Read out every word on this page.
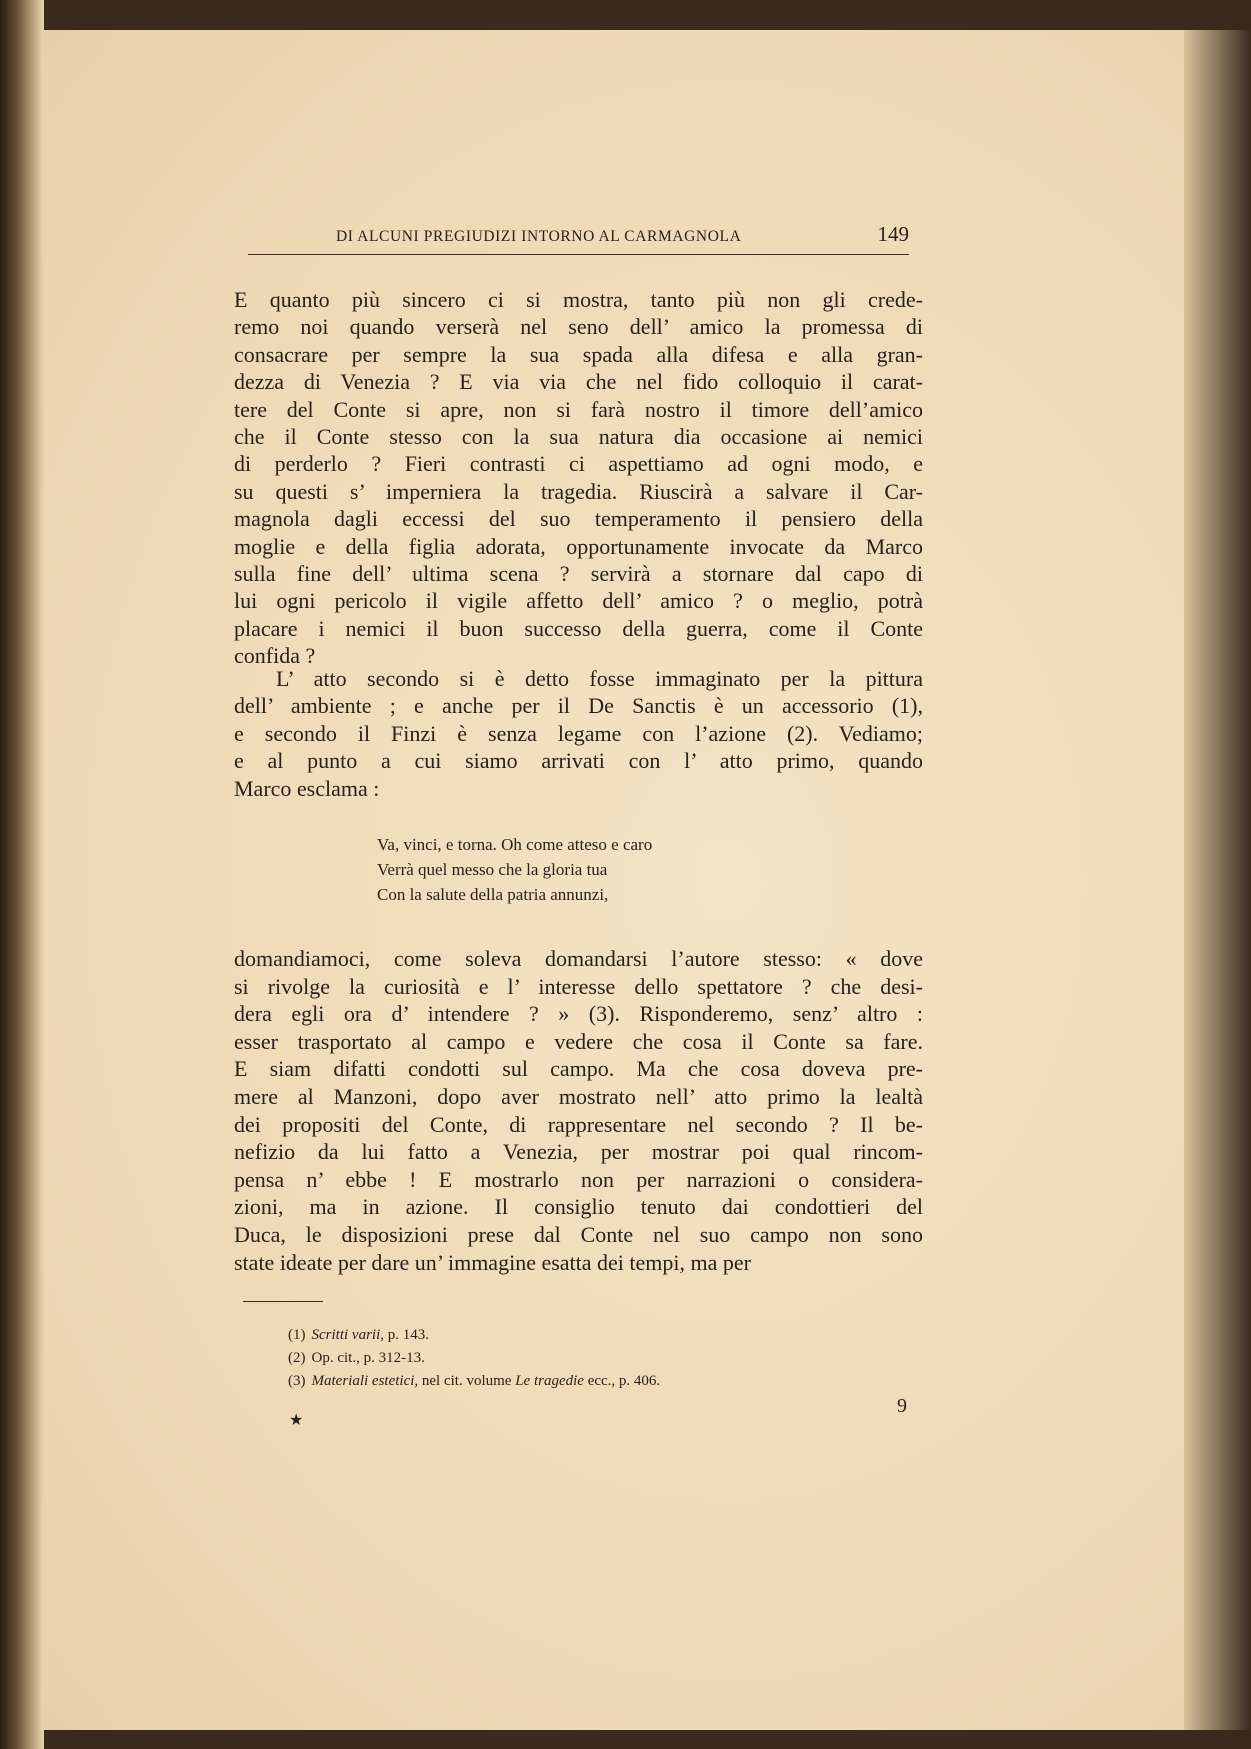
DI ALCUNI PREGIUDIZI INTORNO AL CARMAGNOLA	149
E quanto più sincero ci si mostra, tanto più non gli crede-
remo noi quando verserà nel seno dell’ amico la promessa di
consacrare per sempre la sua spada alla difesa e alla gran-
dezza di Venezia ? E via via che nel fido colloquio il carat-
tere del Conte si apre, non si farà nostro il timore dell’amico
che il Conte stesso con la sua natura dia occasione ai nemici
di perderlo ? Fieri contrasti ci aspettiamo ad ogni modo, e
su questi s’ imperniera la tragedia. Riuscirà a salvare il Car-
magnola dagli eccessi del suo temperamento il pensiero della
moglie e della figlia adorata, opportunamente invocate da Marco
sulla fine dell’ ultima scena ? servirà a stornare dal capo di
lui ogni pericolo il vigile affetto dell’ amico ? o meglio, potrà
placare i nemici il buon successo della guerra, come il Conte
confida ?
L’ atto secondo si è detto fosse immaginato per la pittura
dell’ ambiente ; e anche per il De Sanctis è un accessorio (1),
e secondo il Finzi è senza legame con l’azione (2). Vediamo;
e al punto a cui siamo arrivati con l’ atto primo, quando
Marco esclama :
Va, vinci, e torna. Oh come atteso e caro
Verrà quel messo che la gloria tua
Con la salute della patria annunzi,
domandiamoci, come soleva domandarsi l’autore stesso: « dove
si rivolge la curiosità e l’ interesse dello spettatore ? che desi-
dera egli ora d’ intendere ? » (3). Risponderemo, senz’ altro :
esser trasportato al campo e vedere che cosa il Conte sa fare.
E siam difatti condotti sul campo. Ma che cosa doveva pre-
mere al Manzoni, dopo aver mostrato nell’ atto primo la lealtà
dei propositi del Conte, di rappresentare nel secondo ? Il be-
nefizio da lui fatto a Venezia, per mostrar poi qual rincom-
pensa n’ ebbe ! E mostrarlo non per narrazioni o considera-
zioni, ma in azione. Il consiglio tenuto dai condottieri del
Duca, le disposizioni prese dal Conte nel suo campo non sono
state ideate per dare un’ immagine esatta dei tempi, ma per
(1) Scritti varii, p. 143.
(2) Op. cit., p. 312-13.
(3) Materiali estetici, nel cit. volume Le tragedie ecc., p. 406.
★
9
